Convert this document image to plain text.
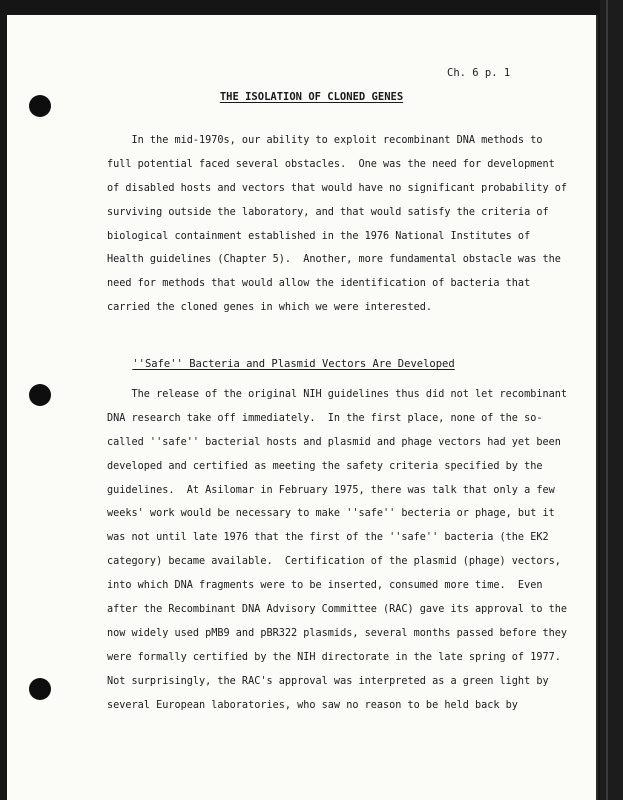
Ch. 6 p. 1
THE ISOLATION OF CLONED GENES
In the mid-1970s, our ability to exploit recombinant DNA methods to
full potential faced several obstacles.  One was the need for development
of disabled hosts and vectors that would have no significant probability of
surviving outside the laboratory, and that would satisfy the criteria of
biological containment established in the 1976 National Institutes of
Health guidelines (Chapter 5).  Another, more fundamental obstacle was the
need for methods that would allow the identification of bacteria that
carried the cloned genes in which we were interested.

''Safe'' Bacteria and Plasmid Vectors Are Developed

The release of the original NIH guidelines thus did not let recombinant
DNA research take off immediately.  In the first place, none of the so-
called ''safe'' bacterial hosts and plasmid and phage vectors had yet been
developed and certified as meeting the safety criteria specified by the
guidelines.  At Asilomar in February 1975, there was talk that only a few
weeks' work would be necessary to make ''safe'' becteria or phage, but it
was not until late 1976 that the first of the ''safe'' bacteria (the EK2
category) became available.  Certification of the plasmid (phage) vectors,
into which DNA fragments were to be inserted, consumed more time.  Even
after the Recombinant DNA Advisory Committee (RAC) gave its approval to the
now widely used pMB9 and pBR322 plasmids, several months passed before they
were formally certified by the NIH directorate in the late spring of 1977.
Not surprisingly, the RAC's approval was interpreted as a green light by
several European laboratories, who saw no reason to be held back by
